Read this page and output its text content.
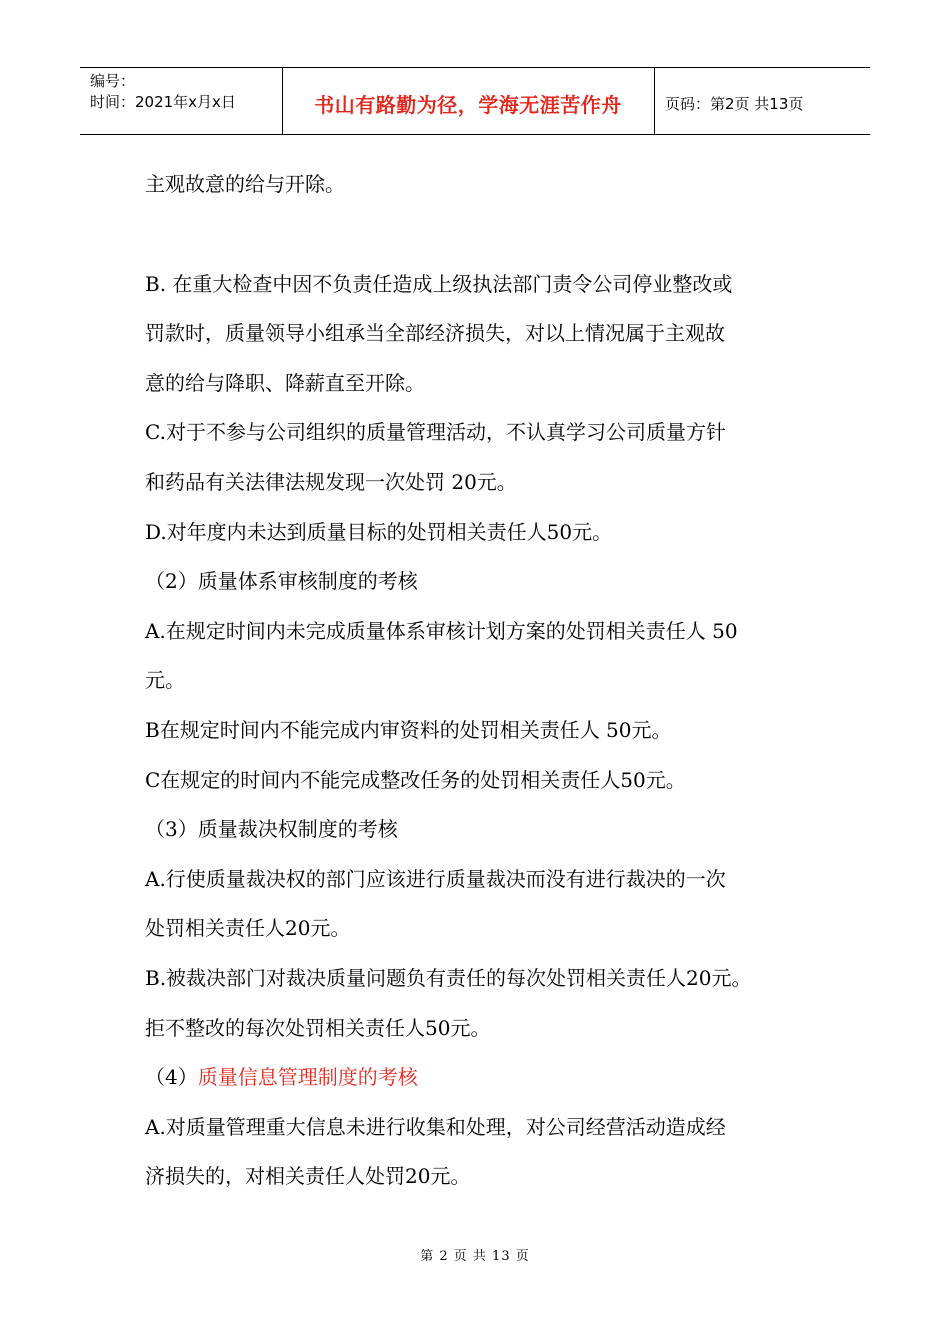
编号：
时间：2021年x月x日	书山有路勤为径，学海无涯苦作舟	页码：第2页 共13页
主观故意的给与开除。
B. 在重大检查中因不负责任造成上级执法部门责令公司停业整改或
罚款时，质量领导小组承当全部经济损失，对以上情况属于主观故
意的给与降职、降薪直至开除。
C.对于不参与公司组织的质量管理活动，不认真学习公司质量方针
和药品有关法律法规发现一次处罚 20元。
D.对年度内未达到质量目标的处罚相关责任人50元。
（2）质量体系审核制度的考核
A.在规定时间内未完成质量体系审核计划方案的处罚相关责任人 50
元。
B在规定时间内不能完成内审资料的处罚相关责任人 50元。
C在规定的时间内不能完成整改任务的处罚相关责任人50元。
（3）质量裁决权制度的考核
A.行使质量裁决权的部门应该进行质量裁决而没有进行裁决的一次
处罚相关责任人20元。
B.被裁决部门对裁决质量问题负有责任的每次处罚相关责任人20元。
拒不整改的每次处罚相关责任人50元。
（4）质量信息管理制度的考核
A.对质量管理重大信息未进行收集和处理，对公司经营活动造成经
济损失的，对相关责任人处罚20元。
第 2 页 共 13 页
